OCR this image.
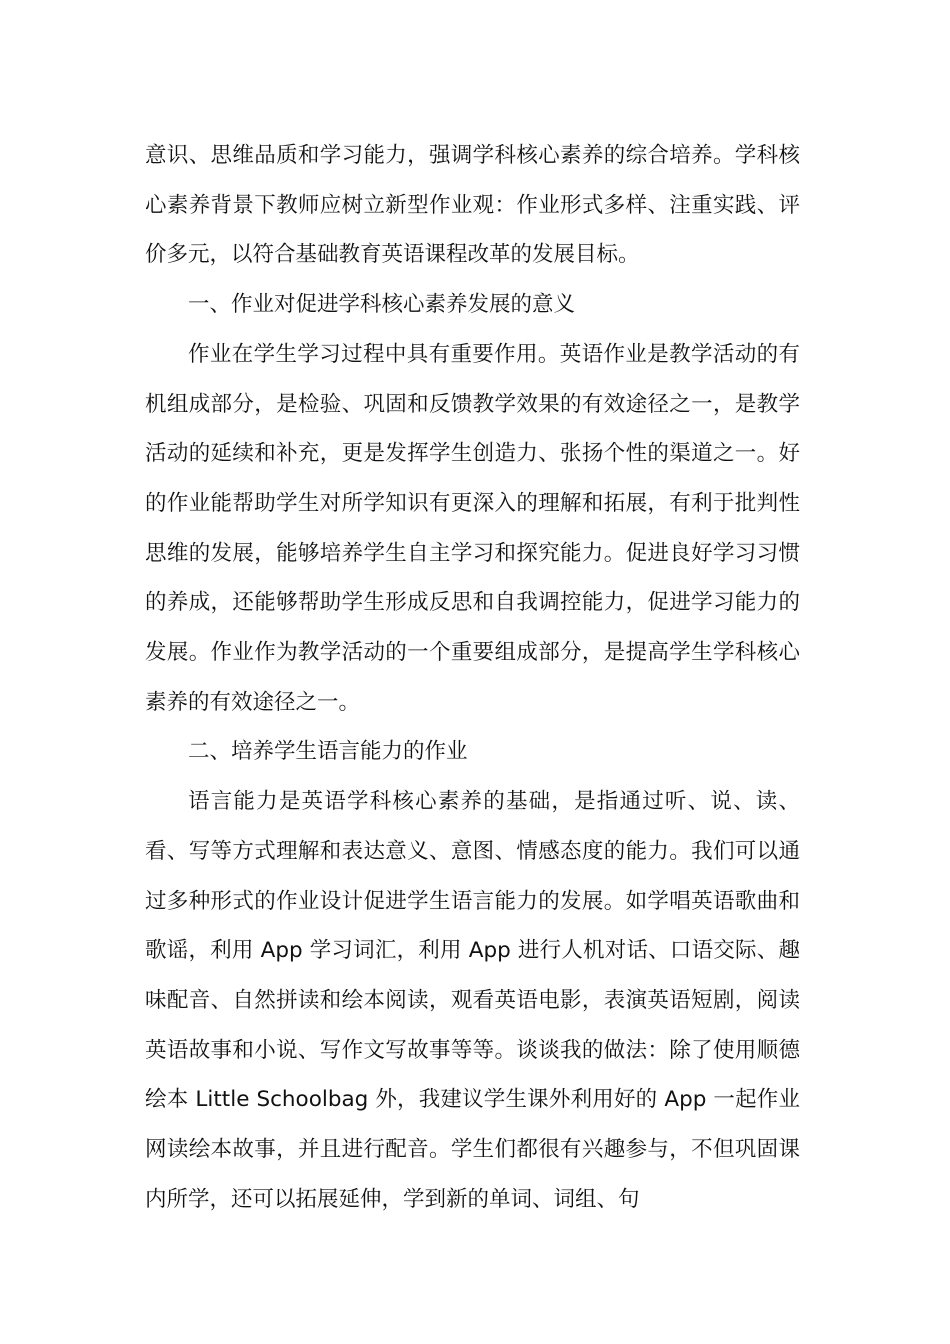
意识、思维品质和学习能力，强调学科核心素养的综合培养。学科核心素养背景下教师应树立新型作业观：作业形式多样、注重实践、评价多元，以符合基础教育英语课程改革的发展目标。

一、作业对促进学科核心素养发展的意义

作业在学生学习过程中具有重要作用。英语作业是教学活动的有机组成部分，是检验、巩固和反馈教学效果的有效途径之一，是教学活动的延续和补充，更是发挥学生创造力、张扬个性的渠道之一。好的作业能帮助学生对所学知识有更深入的理解和拓展，有利于批判性思维的发展，能够培养学生自主学习和探究能力。促进良好学习习惯的养成，还能够帮助学生形成反思和自我调控能力，促进学习能力的发展。作业作为教学活动的一个重要组成部分，是提高学生学科核心素养的有效途径之一。

二、培养学生语言能力的作业

语言能力是英语学科核心素养的基础，是指通过听、说、读、看、写等方式理解和表达意义、意图、情感态度的能力。我们可以通过多种形式的作业设计促进学生语言能力的发展。如学唱英语歌曲和歌谣，利用 App 学习词汇，利用 App 进行人机对话、口语交际、趣味配音、自然拼读和绘本阅读，观看英语电影，表演英语短剧，阅读英语故事和小说、写作文写故事等等。谈谈我的做法：除了使用顺德绘本 Little Schoolbag 外，我建议学生课外利用好的 App 一起作业网读绘本故事，并且进行配音。学生们都很有兴趣参与，不但巩固课内所学，还可以拓展延伸，学到新的单词、词组、句
